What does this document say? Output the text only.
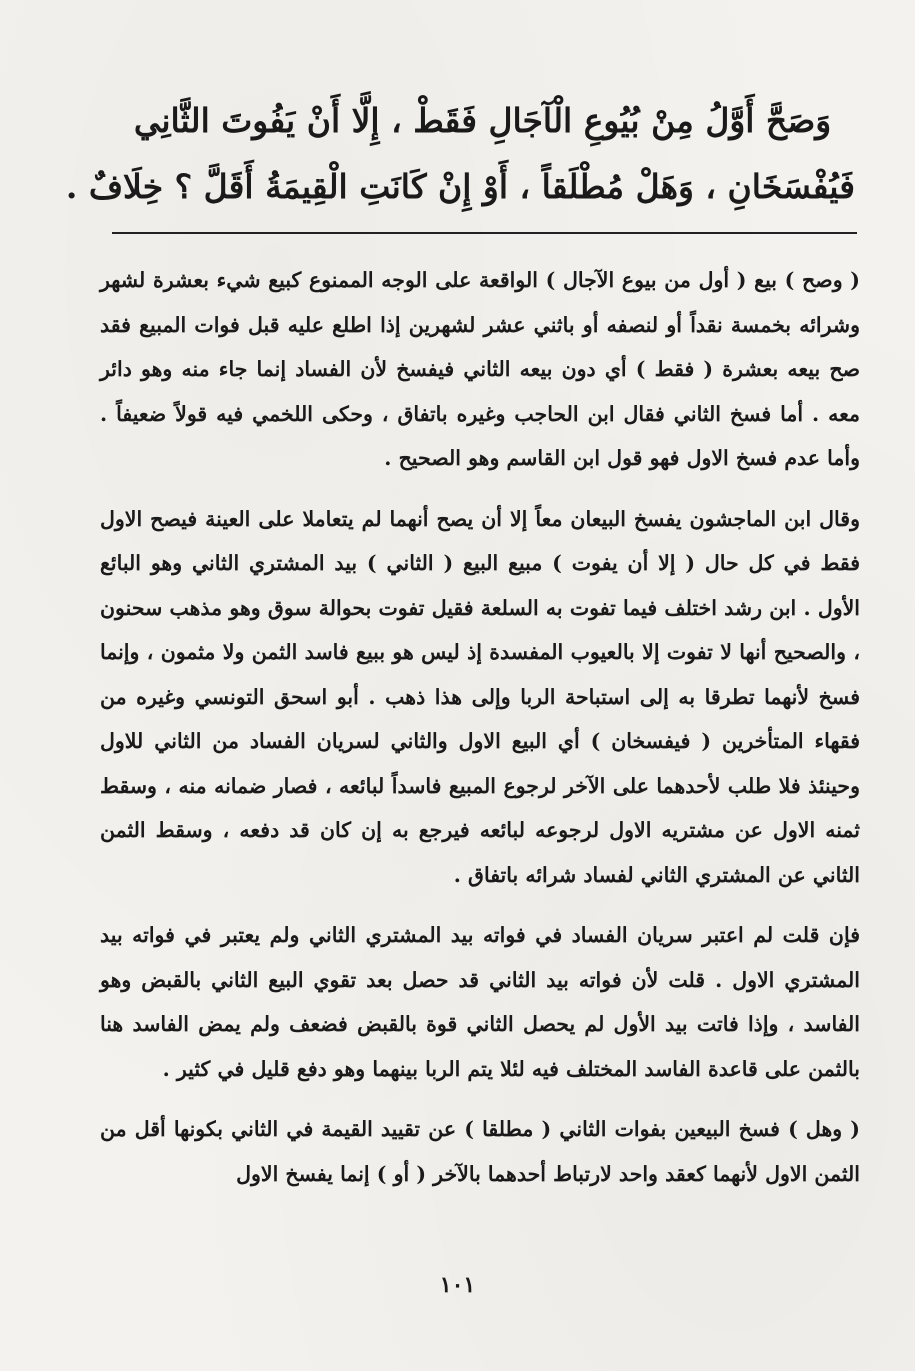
وَصَحَّ أَوَّلُ مِنْ بُيُوعِ الْآجَالِ فَقَطْ ، إِلَّا أَنْ يَفُوتَ الثَّانِي
فَيُفْسَخَانِ ، وَهَلْ مُطْلَقاً ، أَوْ إِنْ كَانَتِ الْقِيمَةُ أَقَلَّ ؟ خِلَافٌ .

( وصح ) بيع ( أول من بيوع الآجال ) الواقعة على الوجه الممنوع كبيع شيء بعشرة لشهر وشرائه بخمسة نقداً أو لنصفه أو باثني عشر لشهرين إذا اطلع عليه قبل فوات المبيع فقد صح بيعه بعشرة ( فقط ) أي دون بيعه الثاني فيفسخ لأن الفساد إنما جاء منه وهو دائر معه . أما فسخ الثاني فقال ابن الحاجب وغيره باتفاق ، وحكى اللخمي فيه قولاً ضعيفاً . وأما عدم فسخ الاول فهو قول ابن القاسم وهو الصحيح .

وقال ابن الماجشون يفسخ البيعان معاً إلا أن يصح أنهما لم يتعاملا على العينة فيصح الاول فقط في كل حال ( إلا أن يفوت ) مبيع البيع ( الثاني ) بيد المشتري الثاني وهو البائع الأول . ابن رشد اختلف فيما تفوت به السلعة فقيل تفوت بحوالة سوق وهو مذهب سحنون ، والصحيح أنها لا تفوت إلا بالعيوب المفسدة إذ ليس هو ببيع فاسد الثمن ولا مثمون ، وإنما فسخ لأنهما تطرقا به إلى استباحة الربا وإلى هذا ذهب . أبو اسحق التونسي وغيره من فقهاء المتأخرين ( فيفسخان ) أي البيع الاول والثاني لسريان الفساد من الثاني للاول وحينئذ فلا طلب لأحدهما على الآخر لرجوع المبيع فاسداً لبائعه ، فصار ضمانه منه ، وسقط ثمنه الاول عن مشتريه الاول لرجوعه لبائعه فيرجع به إن كان قد دفعه ، وسقط الثمن الثاني عن المشتري الثاني لفساد شرائه باتفاق .

فإن قلت لم اعتبر سريان الفساد في فواته بيد المشتري الثاني ولم يعتبر في فواته بيد المشتري الاول . قلت لأن فواته بيد الثاني قد حصل بعد تقوي البيع الثاني بالقبض وهو الفاسد ، وإذا فاتت بيد الأول لم يحصل الثاني قوة بالقبض فضعف ولم يمض الفاسد هنا بالثمن على قاعدة الفاسد المختلف فيه لئلا يتم الربا بينهما وهو دفع قليل في كثير .

( وهل ) فسخ البيعين بفوات الثاني ( مطلقا ) عن تقييد القيمة في الثاني بكونها أقل من الثمن الاول لأنهما كعقد واحد لارتباط أحدهما بالآخر ( أو ) إنما يفسخ الاول

١٠١
